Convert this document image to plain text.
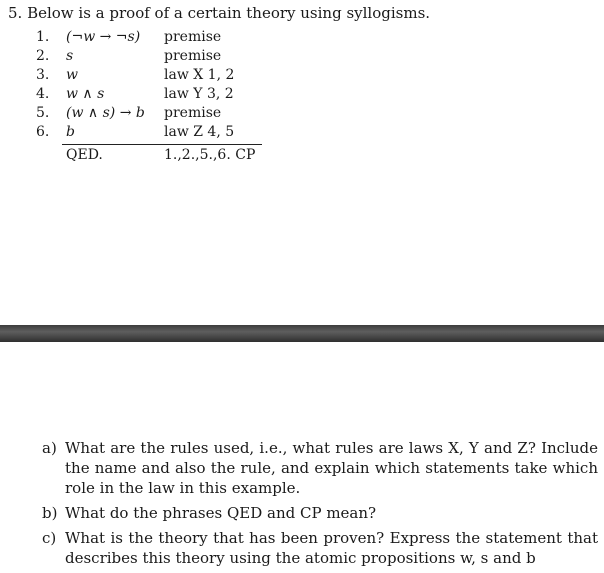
5. Below is a proof of a certain theory using syllogisms.
1. (¬w → ¬s) premise
2. s	premise
3. w	law X 1, 2
4. w ∧ s	law Y 3, 2
5. (w ∧ s) → b premise
6. b	law Z 4, 5
QED.	1.,2.,5.,6. CP
a) What are the rules used, i.e., what rules are laws X, Y and Z? Include the name and also the rule, and explain which statements take which role in the law in this example.
b) What do the phrases QED and CP mean?
c) What is the theory that has been proven? Express the statement that describes this theory using the atomic propositions w, s and b
